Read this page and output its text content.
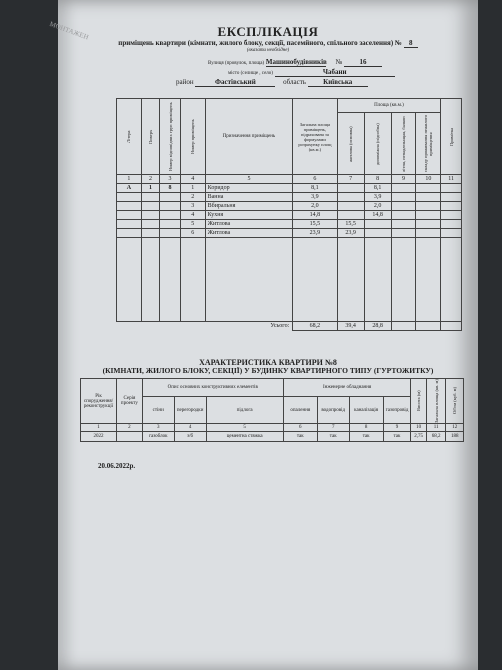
МОНТАЖЕН	ЕКСПЛІКАЦІЯ
приміщень квартири (кімнати, жилого блоку, секції, пасемйного, спільного заселення) № 8
(вказати необхідне)
Вулиця (провулок, площа) Машинобудівників № 16
місто (селище , село)	Чабани
район	Фастівський	область Київська
Літера	Поверх	Номер відповідних груп приміщень	Номер приміщень	Призначення приміщень	Загальна площа приміщень, підрахована за формулами розрахунку площ (кв.м.)	Площа (кв.м.)				Примітка

						житлова (основна)	допоміжна (підсобна)	літня, ненадлежащая, балкон	складу проживання нежилого приміщення	

1	2	3	4	5	6	7	8	9	10	11
А	1	8	1	Коридор	8,1		8,1			
			2	Ванна	3,9		3,9			
			3	Вбиральня	2,0		2,0			
			4	Кухня	14,8		14,8			
			5	Житлова	15,5	15,5				
			6	Житлова	23,9	23,9				

Усього:					68,2	39,4	28,8			
ХАРАКТЕРИСТИКА КВАРТИРИ №8
(КІМНАТИ, ЖИЛОГО БЛОКУ, СЕКЦІЇ) У БУДИНКУ КВАРТИРНОГО ТИПУ (ГУРТОЖИТКУ)
Рік спорудження/ реконструкції	Серія проекту	Опис основних конструктивних елементів			Інженерне обладнання				Висота (м)	Загальна площа (кв. м)	Об'єм (куб. м)

		стіни	перегородки	підлога	опалення	водопровід	каналізація	газопровід			
1	2	3	4	5	6	7	8	9	10	11	12
2022		газоблок	з/б	цементна стяжка	так	так	так	так	2,75	68,2	188
20.06.2022р.
